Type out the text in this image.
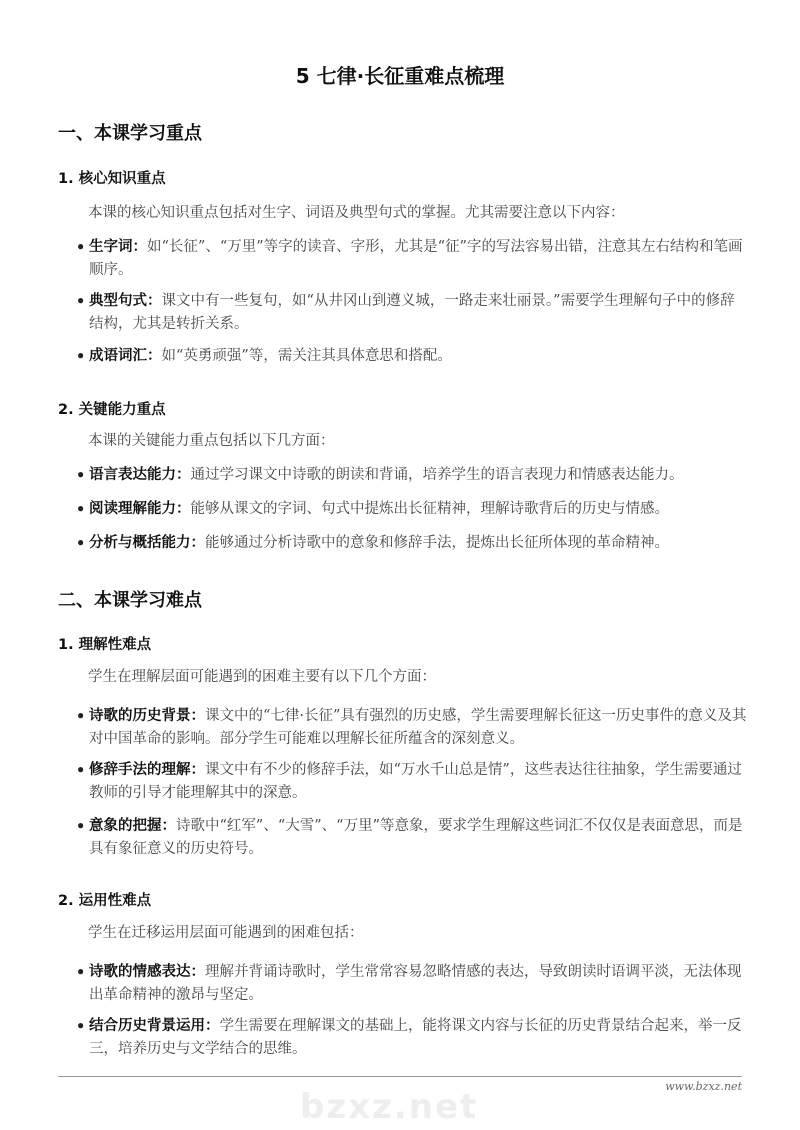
5 七律·长征重难点梳理
一、本课学习重点
1. 核心知识重点
本课的核心知识重点包括对生字、词语及典型句式的掌握。尤其需要注意以下内容：
• 生字词：如“长征”、“万里”等字的读音、字形，尤其是“征”字的写法容易出错，注意其左右结构和笔画顺序。
• 典型句式：课文中有一些复句，如“从井冈山到遵义城，一路走来壮丽景。”需要学生理解句子中的修辞结构，尤其是转折关系。
• 成语词汇：如“英勇顽强”等，需关注其具体意思和搭配。
2. 关键能力重点
本课的关键能力重点包括以下几方面：
• 语言表达能力：通过学习课文中诗歌的朗读和背诵，培养学生的语言表现力和情感表达能力。
• 阅读理解能力：能够从课文的字词、句式中提炼出长征精神，理解诗歌背后的历史与情感。
• 分析与概括能力：能够通过分析诗歌中的意象和修辞手法，提炼出长征所体现的革命精神。
二、本课学习难点
1. 理解性难点
学生在理解层面可能遇到的困难主要有以下几个方面：
• 诗歌的历史背景：课文中的“七律·长征”具有强烈的历史感，学生需要理解长征这一历史事件的意义及其对中国革命的影响。部分学生可能难以理解长征所蕴含的深刻意义。
• 修辞手法的理解：课文中有不少的修辞手法，如“万水千山总是情”，这些表达往往抽象，学生需要通过教师的引导才能理解其中的深意。
• 意象的把握：诗歌中“红军”、“大雪”、“万里”等意象，要求学生理解这些词汇不仅仅是表面意思，而是具有象征意义的历史符号。
2. 运用性难点
学生在迁移运用层面可能遇到的困难包括：
• 诗歌的情感表达：理解并背诵诗歌时，学生常常容易忽略情感的表达，导致朗读时语调平淡，无法体现出革命精神的激昂与坚定。
• 结合历史背景运用：学生需要在理解课文的基础上，能将课文内容与长征的历史背景结合起来，举一反三，培养历史与文学结合的思维。
www.bzxz.net
bzxz.net
